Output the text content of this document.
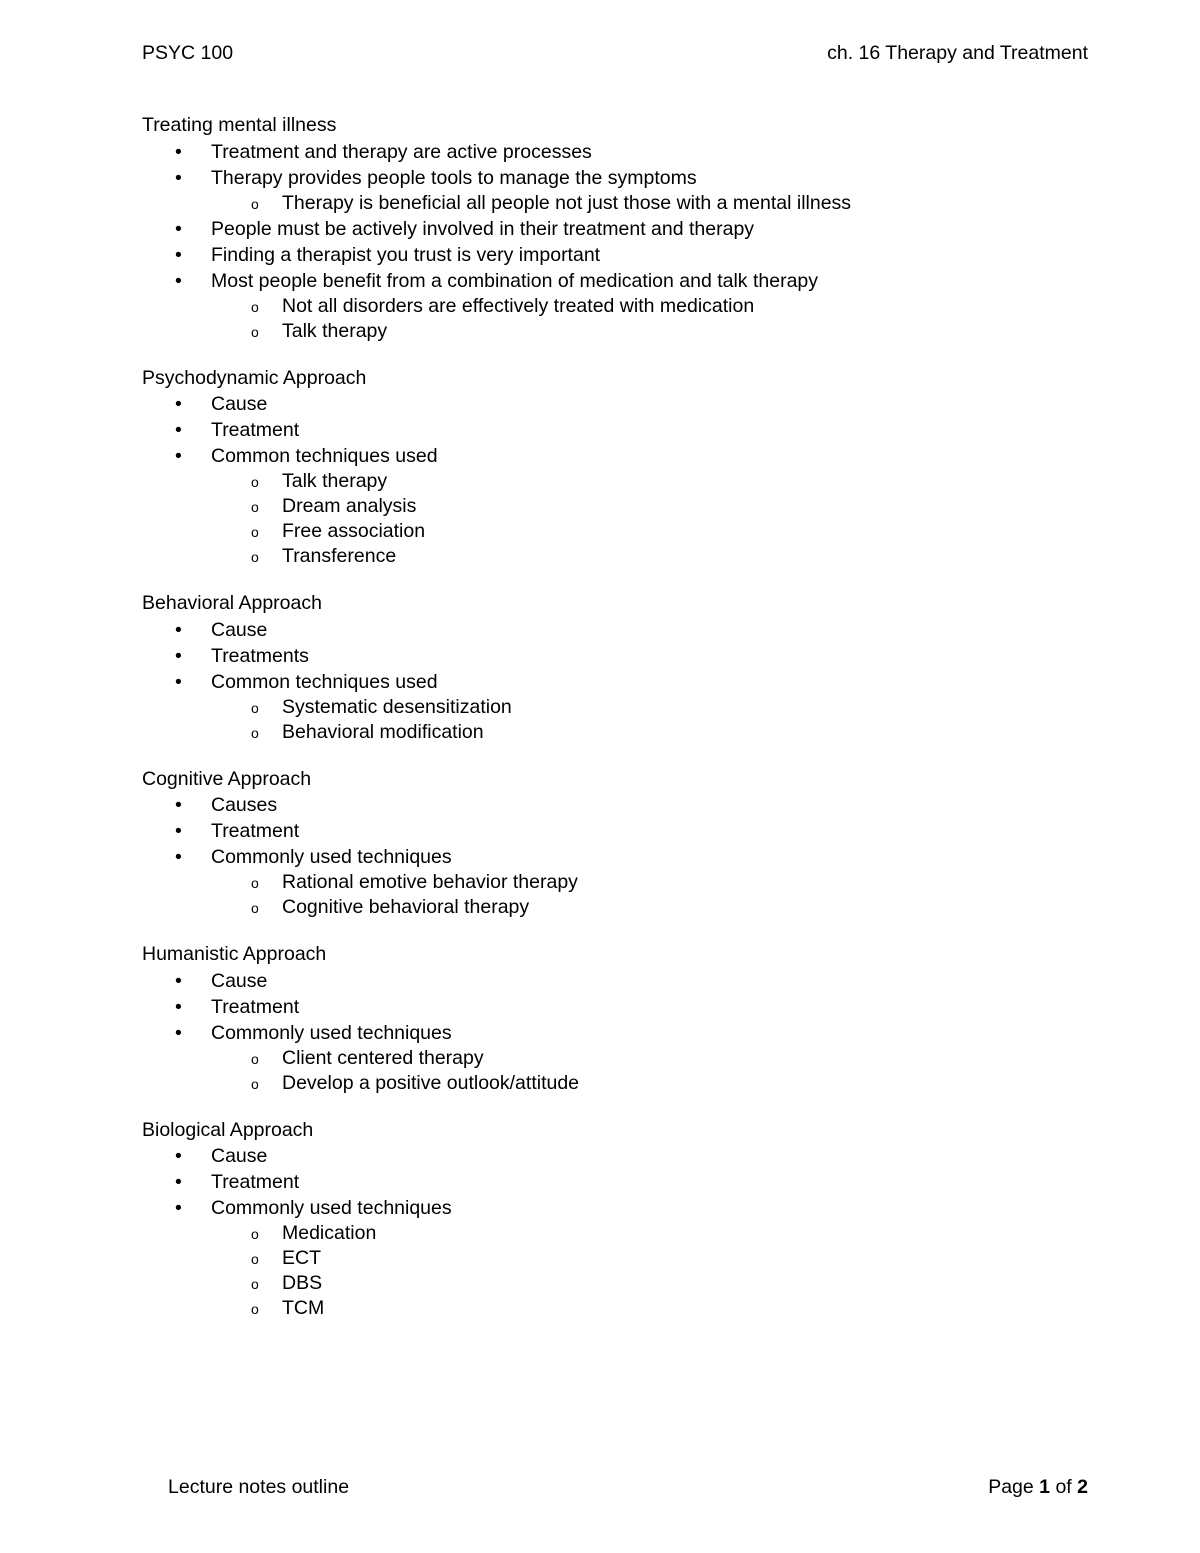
PSYC 100	ch. 16 Therapy and Treatment
Treating mental illness
• Treatment and therapy are active processes
• Therapy provides people tools to manage the symptoms
o Therapy is beneficial all people not just those with a mental illness
• People must be actively involved in their treatment and therapy
• Finding a therapist you trust is very important
• Most people benefit from a combination of medication and talk therapy
o Not all disorders are effectively treated with medication
o Talk therapy
Psychodynamic Approach
• Cause
• Treatment
• Common techniques used
o Talk therapy
o Dream analysis
o Free association
o Transference
Behavioral Approach
• Cause
• Treatments
• Common techniques used
o Systematic desensitization
o Behavioral modification
Cognitive Approach
• Causes
• Treatment
• Commonly used techniques
o Rational emotive behavior therapy
o Cognitive behavioral therapy
Humanistic Approach
• Cause
• Treatment
• Commonly used techniques
o Client centered therapy
o Develop a positive outlook/attitude
Biological Approach
• Cause
• Treatment
• Commonly used techniques
o Medication
o ECT
o DBS
o TCM
Lecture notes outline	Page 1 of 2
